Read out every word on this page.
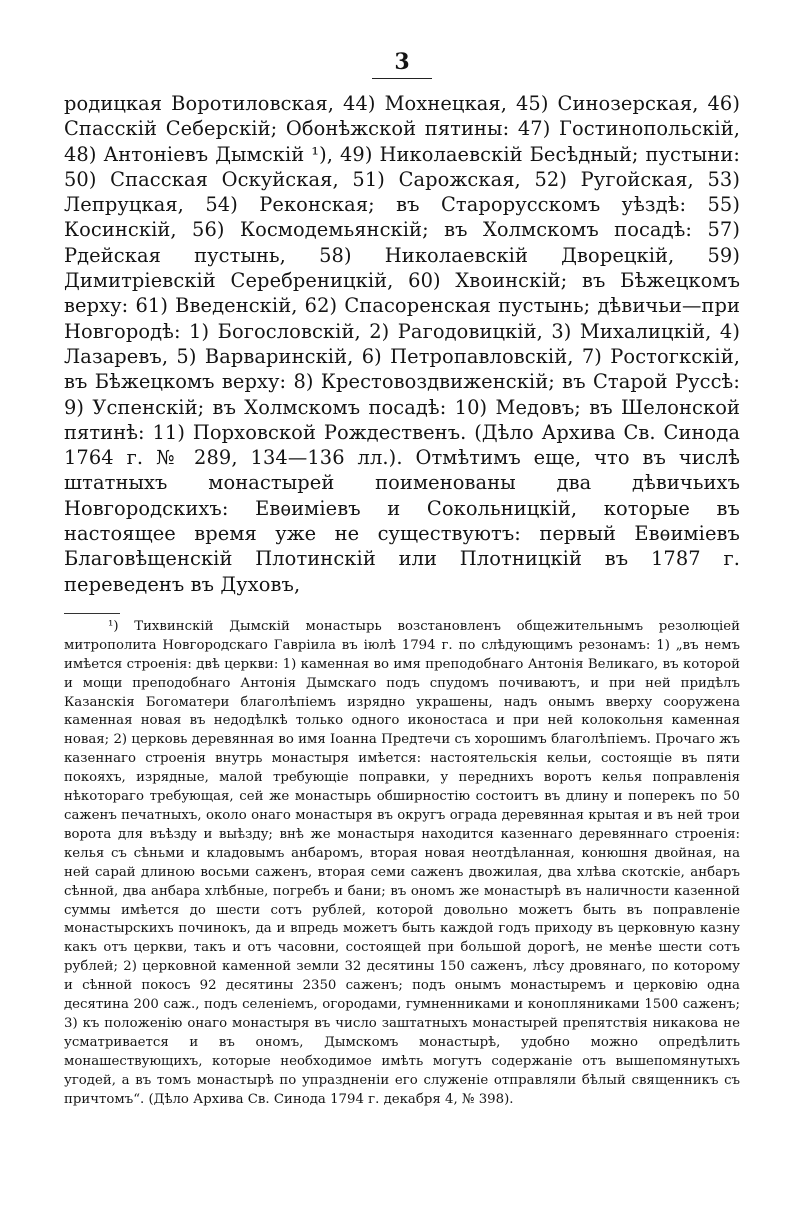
3

родицкая Воротиловская, 44) Мохнецкая, 45) Синозерская, 46) Спасскій Себерскій; Обонѣжской пятины: 47) Гостинопольскій, 48) Антоніевъ Дымскій ¹), 49) Николаевскій Бесѣдный; пустыни: 50) Спасская Оскуйская, 51) Сарожская, 52) Ругойская, 53) Лепруцкая, 54) Реконская; въ Старорусскомъ уѣздѣ: 55) Косинскій, 56) Космодемьянскій; въ Холмскомъ посадѣ: 57) Рдейская пустынь, 58) Николаевскій Дворецкій, 59) Димитріевскій Серебреницкій, 60) Хвоинскій; въ Бѣжецкомъ верху: 61) Введенскій, 62) Спасоренская пустынь; дѣвичьи—при Новгородѣ: 1) Богословскій, 2) Рагодовицкій, 3) Михалицкій, 4) Лазаревъ, 5) Варваринскій, 6) Петропавловскій, 7) Ростогкскій, въ Бѣжецкомъ верху: 8) Крестовоздвиженскій; въ Старой Руссѣ: 9) Успенскій; въ Холмскомъ посадѣ: 10) Медовъ; въ Шелонской пятинѣ: 11) Порховской Рождественъ. (Дѣло Архива Св. Синода 1764 г. № 289, 134—136 лл.). Отмѣтимъ еще, что въ числѣ штатныхъ монастырей поименованы два дѣвичьихъ Новгородскихъ: Евѳиміевъ и Сокольницкій, которые въ настоящее время уже не существуютъ: первый Евѳиміевъ Благовѣщенскій Плотинскій или Плотницкій въ 1787 г. переведенъ въ Духовъ,

¹) Тихвинскій Дымскій монастырь возстановленъ общежительнымъ резолюціей митрополита Новгородскаго Гавріила въ іюлѣ 1794 г. по слѣдующимъ резонамъ: 1) „въ немъ имѣется строенія: двѣ церкви: 1) каменная во имя преподобнаго Антонія Великаго, въ которой и мощи преподобнаго Антонія Дымскаго подъ спудомъ почиваютъ, и при ней придѣлъ Казанскія Богоматери благолѣпіемъ изрядно украшены, надъ онымъ вверху сооружена каменная новая въ недодѣлкѣ только одного иконостаса и при ней колокольня каменная новая; 2) церковь деревянная во имя Іоанна Предтечи съ хорошимъ благолѣпіемъ. Прочаго жъ казеннаго строенія внутрь монастыря имѣется: настоятельскія кельи, состоящіе въ пяти покояхъ, изрядные, малой требующіе поправки, у переднихъ воротъ келья поправленія нѣкотораго требующая, сей же монастырь обширностію состоитъ въ длину и поперекъ по 50 саженъ печатныхъ, около онаго монастыря въ округъ ограда деревянная крытая и въ ней трои ворота для въѣзду и выѣзду; внѣ же монастыря находится казеннаго деревяннаго строенія: келья съ сѣньми и кладовымъ анбаромъ, вторая новая неотдѣланная, конюшня двойная, на ней сарай длиною восьми саженъ, вторая семи саженъ двожилая, два хлѣва скотскіе, анбаръ сѣнной, два анбара хлѣбные, погребъ и бани; въ ономъ же монастырѣ въ наличности казенной суммы имѣется до шести сотъ рублей, которой довольно можетъ быть въ поправленіе монастырскихъ починокъ, да и впредь можетъ быть каждой годъ приходу въ церковную казну какъ отъ церкви, такъ и отъ часовни, состоящей при большой дорогѣ, не менѣе шести сотъ рублей; 2) церковной каменной земли 32 десятины 150 саженъ, лѣсу дровянаго, по которому и сѣнной покосъ 92 десятины 2350 саженъ; подъ онымъ монастыремъ и церковію одна десятина 200 саж., подъ селеніемъ, огородами, гумненниками и конопляниками 1500 саженъ; 3) къ положенію онаго монастыря въ число заштатныхъ монастырей препятствія никакова не усматривается и въ ономъ, Дымскомъ монастырѣ, удобно можно опредѣлить монашествующихъ, которые необходимое имѣть могутъ содержаніе отъ вышепомянутыхъ угодей, а въ томъ монастырѣ по упраздненіи его служеніе отправляли бѣлый священникъ съ причтомъ“. (Дѣло Архива Св. Синода 1794 г. декабря 4, № 398).
